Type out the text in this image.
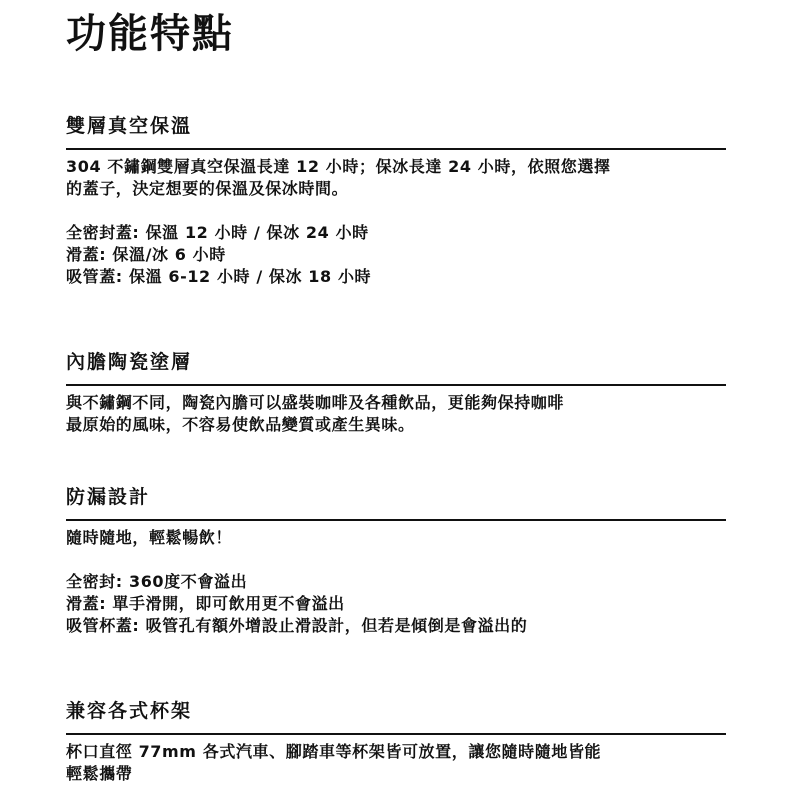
功能特點
雙層真空保溫
304 不鏽鋼雙層真空保溫長達 12 小時；保冰長達 24 小時，依照您選擇
的蓋子，決定想要的保溫及保冰時間。
全密封蓋: 保溫 12 小時 / 保冰 24 小時
滑蓋: 保溫/冰 6 小時
吸管蓋: 保溫 6-12 小時 / 保冰 18 小時
內膽陶瓷塗層
與不鏽鋼不同，陶瓷內膽可以盛裝咖啡及各種飲品，更能夠保持咖啡
最原始的風味，不容易使飲品變質或產生異味。
防漏設計
隨時隨地，輕鬆暢飲！
全密封: 360度不會溢出
滑蓋: 單手滑開，即可飲用更不會溢出
吸管杯蓋: 吸管孔有額外增設止滑設計，但若是傾倒是會溢出的
兼容各式杯架
杯口直徑 77mm 各式汽車、腳踏車等杯架皆可放置，讓您隨時隨地皆能
輕鬆攜帶
